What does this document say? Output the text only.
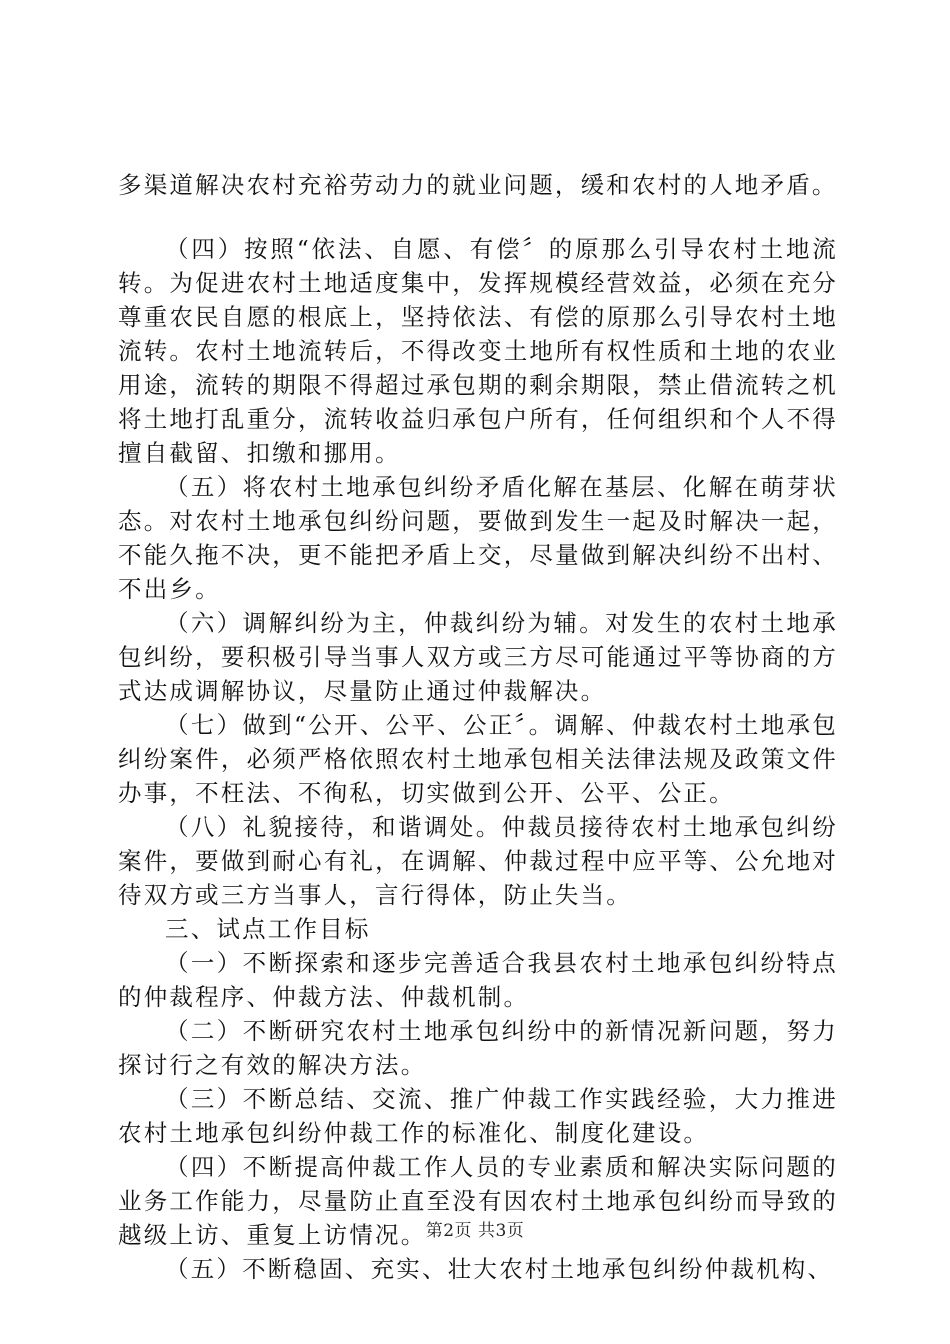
多渠道解决农村充裕劳动力的就业问题，缓和农村的人地矛盾。

（四）按照“依法、自愿、有偿〞的原那么引导农村土地流转。为促进农村土地适度集中，发挥规模经营效益，必须在充分尊重农民自愿的根底上，坚持依法、有偿的原那么引导农村土地流转。农村土地流转后，不得改变土地所有权性质和土地的农业用途，流转的期限不得超过承包期的剩余期限，禁止借流转之机将土地打乱重分，流转收益归承包户所有，任何组织和个人不得擅自截留、扣缴和挪用。

（五）将农村土地承包纠纷矛盾化解在基层、化解在萌芽状态。对农村土地承包纠纷问题，要做到发生一起及时解决一起，不能久拖不决，更不能把矛盾上交，尽量做到解决纠纷不出村、不出乡。

（六）调解纠纷为主，仲裁纠纷为辅。对发生的农村土地承包纠纷，要积极引导当事人双方或三方尽可能通过平等协商的方式达成调解协议，尽量防止通过仲裁解决。

（七）做到“公开、公平、公正〞。调解、仲裁农村土地承包纠纷案件，必须严格依照农村土地承包相关法律法规及政策文件办事，不枉法、不徇私，切实做到公开、公平、公正。

（八）礼貌接待，和谐调处。仲裁员接待农村土地承包纠纷案件，要做到耐心有礼，在调解、仲裁过程中应平等、公允地对待双方或三方当事人，言行得体，防止失当。

三、试点工作目标

（一）不断探索和逐步完善适合我县农村土地承包纠纷特点的仲裁程序、仲裁方法、仲裁机制。

（二）不断研究农村土地承包纠纷中的新情况新问题，努力探讨行之有效的解决方法。

（三）不断总结、交流、推广仲裁工作实践经验，大力推进农村土地承包纠纷仲裁工作的标准化、制度化建设。

（四）不断提高仲裁工作人员的专业素质和解决实际问题的业务工作能力，尽量防止直至没有因农村土地承包纠纷而导致的越级上访、重复上访情况。

（五）不断稳固、充实、壮大农村土地承包纠纷仲裁机构、

第2页 共3页
